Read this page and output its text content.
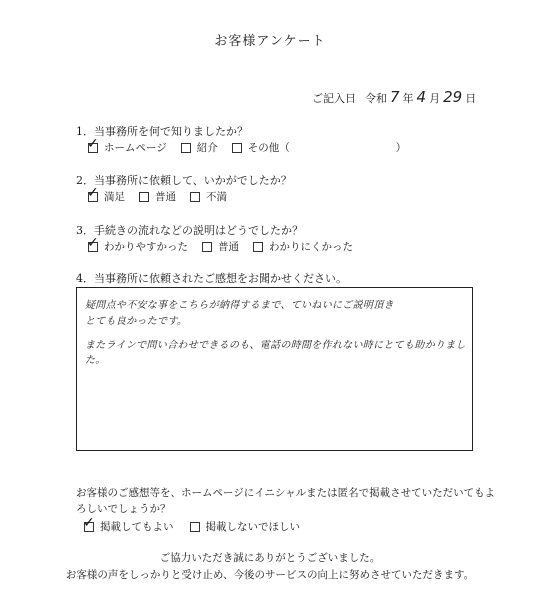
お客様アンケート
ご記入日 令和 7 年 4 月 29 日
1．当事務所を何で知りましたか？
✓
ホームページ	紹介	その他（	）
2．当事務所に依頼して、いかがでしたか？
✓
満足	普通	不満
3．手続きの流れなどの説明はどうでしたか？
✓
わかりやすかった	普通	わかりにくかった
4．当事務所に依頼されたご感想をお聞かせください。
疑問点や不安な事をこちらが納得するまで、ていねいにご説明頂き
とても良かったです。
またラインで問い合わせできるのも、電話の時間を作れない時にとても助かりました。
お客様のご感想等を、ホームページにイニシャルまたは匿名で掲載させていただいてもよ
ろしいでしょうか？
✓
掲載してもよい	掲載しないでほしい
ご協力いただき誠にありがとうございました。
お客様の声をしっかりと受け止め、今後のサービスの向上に努めさせていただきます。
